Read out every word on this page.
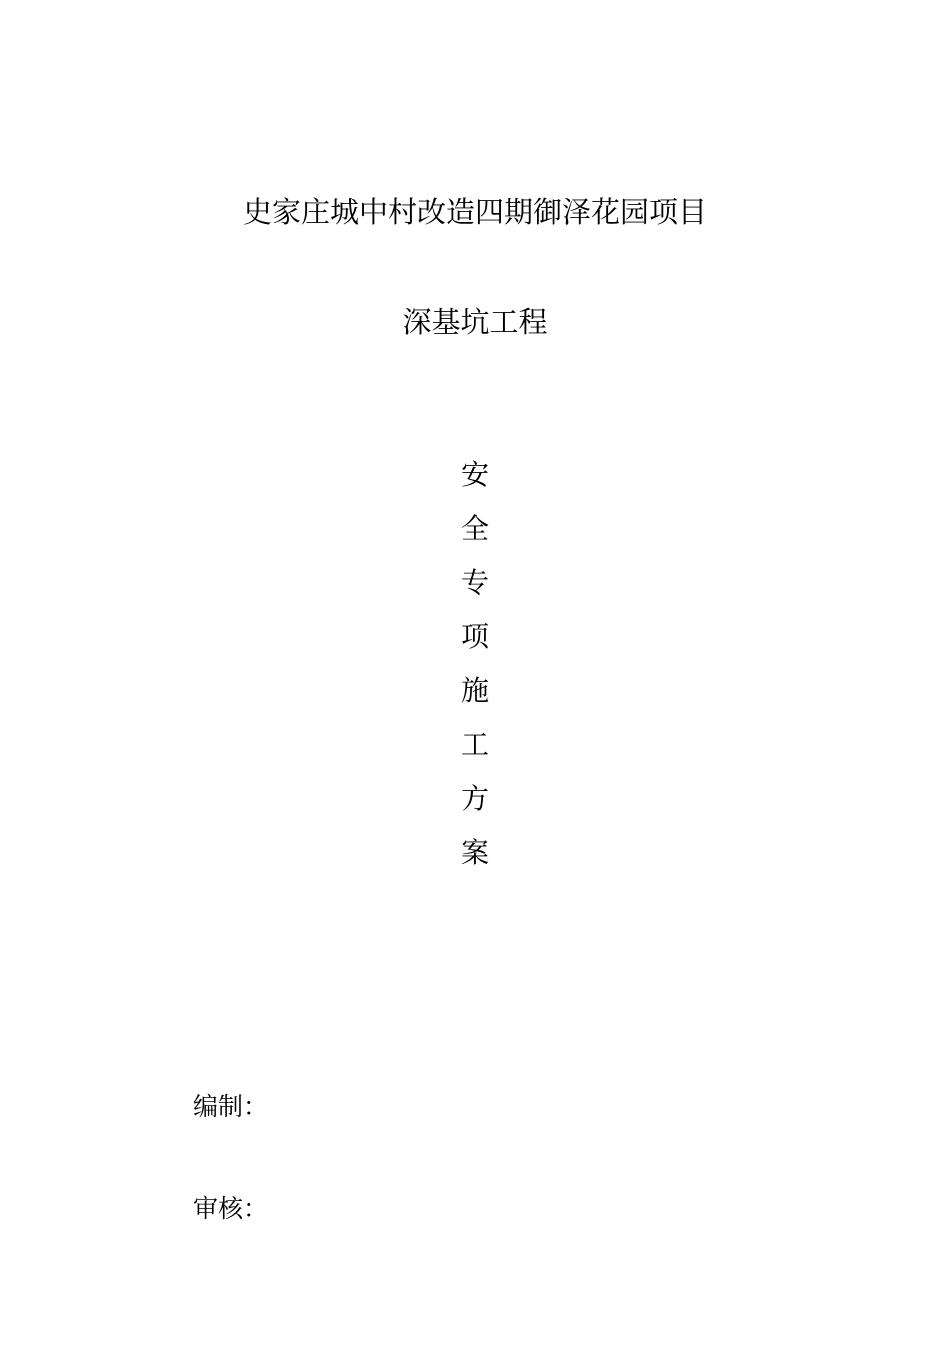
史家庄城中村改造四期御泽花园项目
深基坑工程
安
全
专
项
施
工
方
案
编制：
审核：
